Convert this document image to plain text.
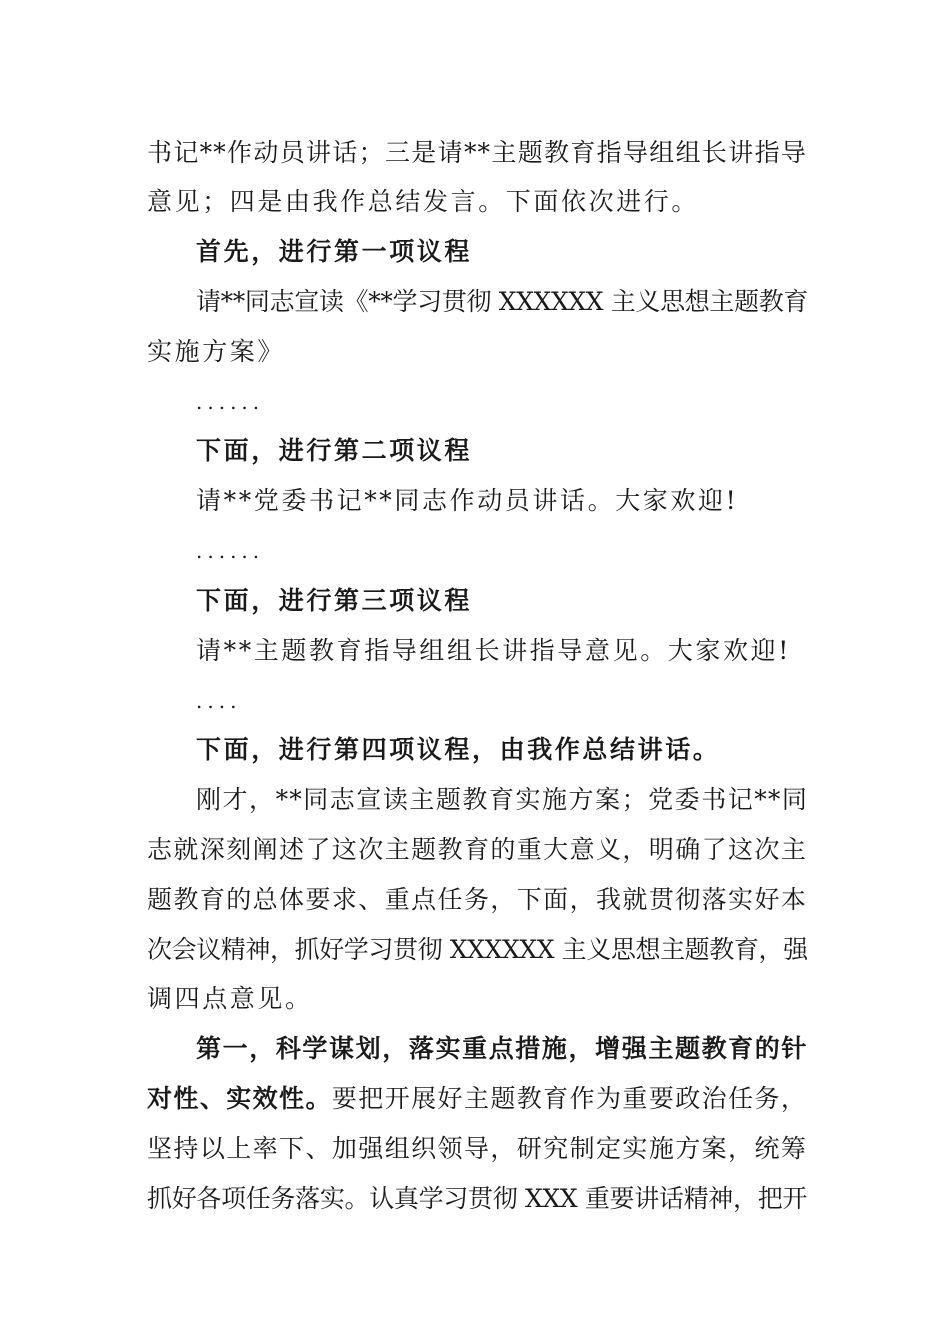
书记**作动员讲话；三是请**主题教育指导组组长讲指导
意见；四是由我作总结发言。下面依次进行。
首先，进行第一项议程
请**同志宣读《**学习贯彻 XXXXXX 主义思想主题教育
实施方案》
......
下面，进行第二项议程
请**党委书记**同志作动员讲话。大家欢迎!
......
下面，进行第三项议程
请**主题教育指导组组长讲指导意见。大家欢迎!
....
下面，进行第四项议程，由我作总结讲话。
刚才，**同志宣读主题教育实施方案；党委书记**同
志就深刻阐述了这次主题教育的重大意义，明确了这次主
题教育的总体要求、重点任务，下面，我就贯彻落实好本
次会议精神，抓好学习贯彻 XXXXXX 主义思想主题教育，强
调四点意见。
第一，科学谋划，落实重点措施，增强主题教育的针
对性、实效性。要把开展好主题教育作为重要政治任务，
坚持以上率下、加强组织领导，研究制定实施方案，统筹
抓好各项任务落实。认真学习贯彻 XXX 重要讲话精神，把开
